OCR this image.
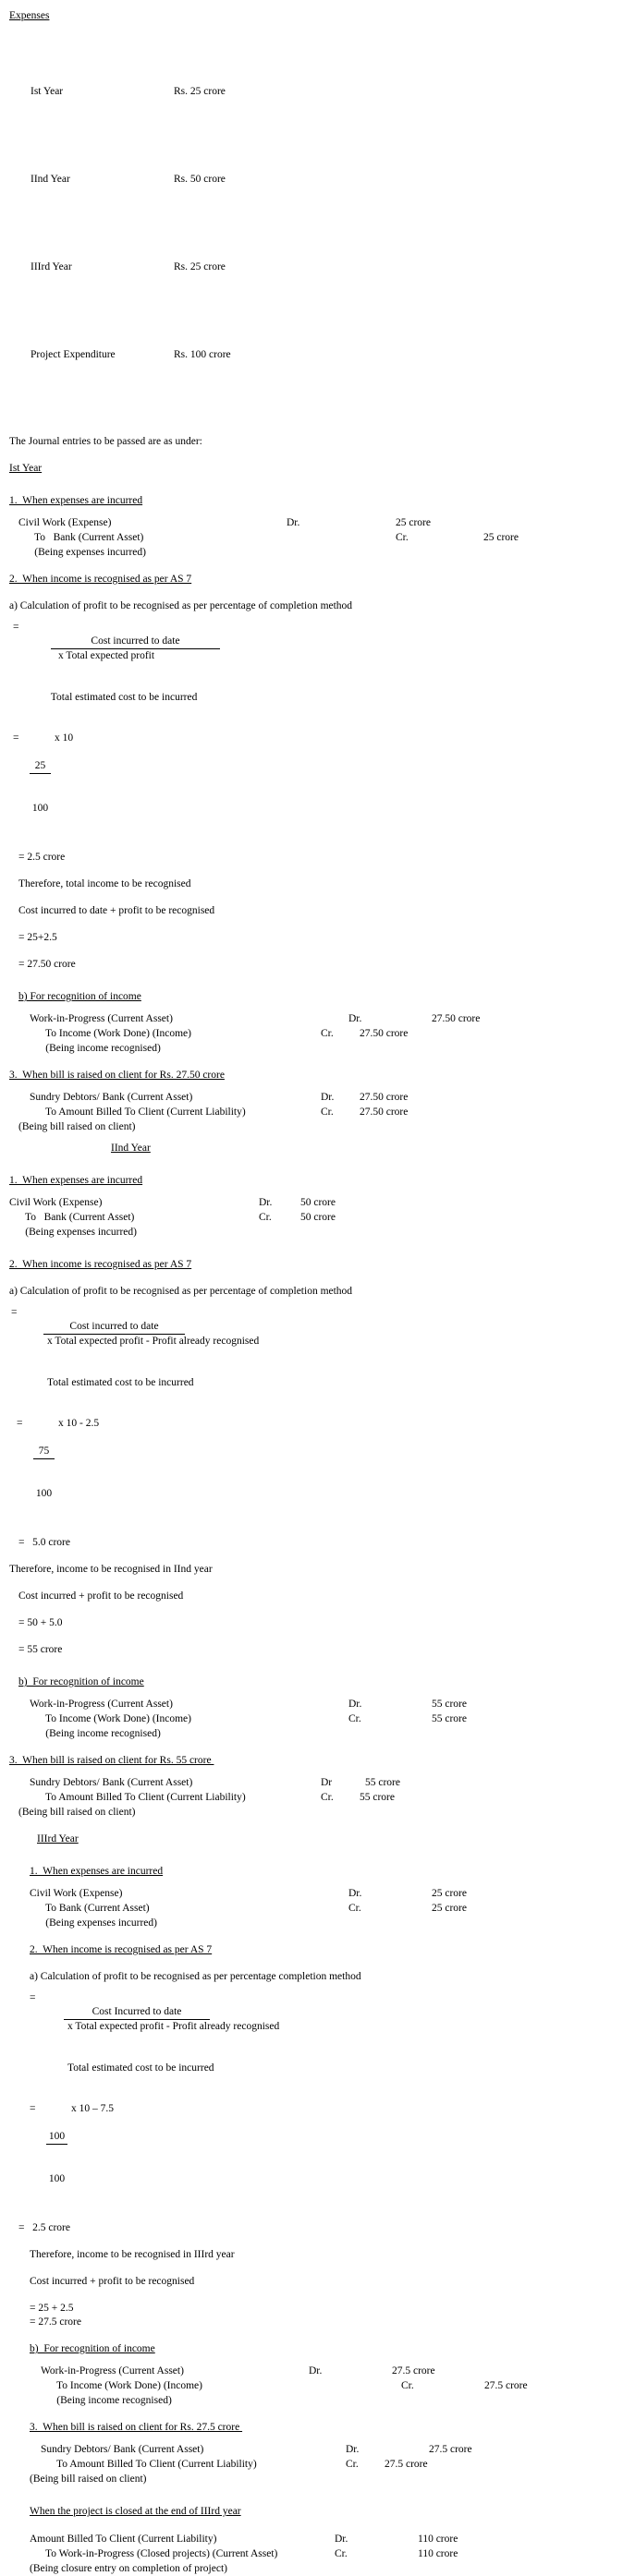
Expenses

Ist Year	Rs. 25 crore

IInd Year	Rs. 50 crore

IIIrd Year	Rs. 25 crore

Project Expenditure	Rs. 100 crore

The Journal entries to be passed are as under:
Ist Year
1.  When expenses are incurred
Civil Work (Expense)	Dr.	25 crore
To   Bank (Current Asset)	Cr.	25 crore
(Being expenses incurred)
2.  When income is recognised as per AS 7
a) Calculation of profit to be recognised as per percentage of completion method
=

Cost incurred to date
x Total expected profit

Total estimated cost to be incurred

=

	$\frac{25}{100}$

x 10
= 2.5 crore
Therefore, total income to be recognised
Cost incurred to date + profit to be recognised
= 25+2.5
= 27.50 crore
b) For recognition of income
Work-in-Progress (Current Asset)	Dr.	27.50 crore
To Income (Work Done) (Income)	Cr.	27.50 crore
(Being income recognised)
3.  When bill is raised on client for Rs. 27.50 crore
Sundry Debtors/ Bank (Current Asset)	Dr.	27.50 crore
To Amount Billed To Client (Current Liability)	Cr.	27.50 crore
(Being bill raised on client)
IInd Year
1.  When expenses are incurred
Civil Work (Expense)	Dr.	50 crore
To   Bank (Current Asset)	Cr.	50 crore
(Being expenses incurred)
2.  When income is recognised as per AS 7
a) Calculation of profit to be recognised as per percentage of completion method
=

Cost incurred to date
x Total expected profit - Profit already recognised

Total estimated cost to be incurred

=

	$\frac{75}{100}$

x 10 - 2.5
=   5.0 crore
Therefore, income to be recognised in IInd year
Cost incurred + profit to be recognised
= 50 + 5.0
= 55 crore
b)  For recognition of income
Work-in-Progress (Current Asset)	Dr.	55 crore
To Income (Work Done) (Income)	Cr.	55 crore
(Being income recognised)
3.  When bill is raised on client for Rs. 55 crore
Sundry Debtors/ Bank (Current Asset)	Dr	55 crore
To Amount Billed To Client (Current Liability)	Cr.	55 crore
(Being bill raised on client)
IIIrd Year
1.  When expenses are incurred
Civil Work (Expense)	Dr.	25 crore
To Bank (Current Asset)	Cr.	25 crore
(Being expenses incurred)
2.  When income is recognised as per AS 7
a) Calculation of profit to be recognised as per percentage completion method
=

Cost Incurred to date
x Total expected profit - Profit already recognised

Total estimated cost to be incurred

=

	$\frac{100}{100}$

x 10 – 7.5
=   2.5 crore
Therefore, income to be recognised in IIIrd year
Cost incurred + profit to be recognised
= 25 + 2.5
= 27.5 crore
b)  For recognition of income
Work-in-Progress (Current Asset)	Dr.	27.5 crore
To Income (Work Done) (Income)	Cr.	27.5 crore
(Being income recognised)
3.  When bill is raised on client for Rs. 27.5 crore
Sundry Debtors/ Bank (Current Asset)	Dr.	27.5 crore
To Amount Billed To Client (Current Liability)	Cr.	27.5 crore
(Being bill raised on client)
When the project is closed at the end of IIIrd year
Amount Billed To Client (Current Liability)	Dr.	110 crore
To Work-in-Progress (Closed projects) (Current Asset)	Cr.	110 crore
(Being closure entry on completion of project)
